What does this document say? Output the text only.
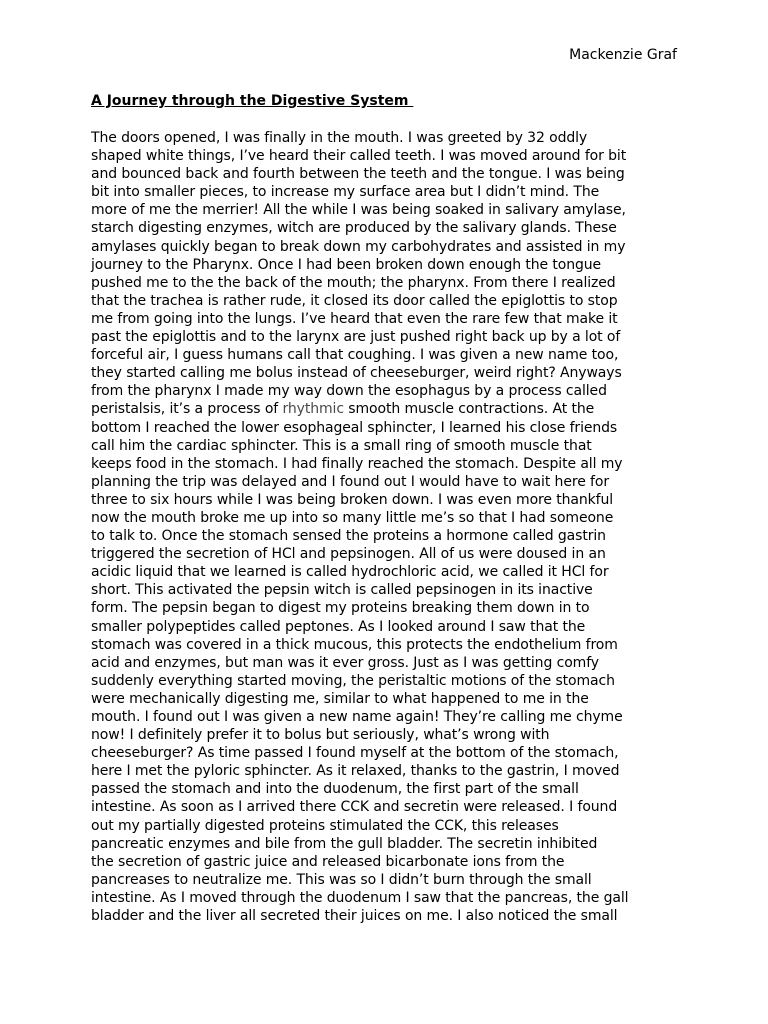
Mackenzie Graf
A Journey through the Digestive System
The doors opened, I was finally in the mouth. I was greeted by 32 oddly
shaped white things, I’ve heard their called teeth. I was moved around for bit
and bounced back and fourth between the teeth and the tongue. I was being
bit into smaller pieces, to increase my surface area but I didn’t mind. The
more of me the merrier! All the while I was being soaked in salivary amylase,
starch digesting enzymes, witch are produced by the salivary glands. These
amylases quickly began to break down my carbohydrates and assisted in my
journey to the Pharynx. Once I had been broken down enough the tongue
pushed me to the the back of the mouth; the pharynx. From there I realized
that the trachea is rather rude, it closed its door called the epiglottis to stop
me from going into the lungs. I’ve heard that even the rare few that make it
past the epiglottis and to the larynx are just pushed right back up by a lot of
forceful air, I guess humans call that coughing. I was given a new name too,
they started calling me bolus instead of cheeseburger, weird right? Anyways
from the pharynx I made my way down the esophagus by a process called
peristalsis, it’s a process of rhythmic smooth muscle contractions. At the
bottom I reached the lower esophageal sphincter, I learned his close friends
call him the cardiac sphincter. This is a small ring of smooth muscle that
keeps food in the stomach. I had finally reached the stomach. Despite all my
planning the trip was delayed and I found out I would have to wait here for
three to six hours while I was being broken down. I was even more thankful
now the mouth broke me up into so many little me’s so that I had someone
to talk to. Once the stomach sensed the proteins a hormone called gastrin
triggered the secretion of HCl and pepsinogen. All of us were doused in an
acidic liquid that we learned is called hydrochloric acid, we called it HCl for
short. This activated the pepsin witch is called pepsinogen in its inactive
form. The pepsin began to digest my proteins breaking them down in to
smaller polypeptides called peptones. As I looked around I saw that the
stomach was covered in a thick mucous, this protects the endothelium from
acid and enzymes, but man was it ever gross. Just as I was getting comfy
suddenly everything started moving, the peristaltic motions of the stomach
were mechanically digesting me, similar to what happened to me in the
mouth. I found out I was given a new name again! They’re calling me chyme
now! I definitely prefer it to bolus but seriously, what’s wrong with
cheeseburger? As time passed I found myself at the bottom of the stomach,
here I met the pyloric sphincter. As it relaxed, thanks to the gastrin, I moved
passed the stomach and into the duodenum, the first part of the small
intestine. As soon as I arrived there CCK and secretin were released. I found
out my partially digested proteins stimulated the CCK, this releases
pancreatic enzymes and bile from the gull bladder. The secretin inhibited
the secretion of gastric juice and released bicarbonate ions from the
pancreases to neutralize me. This was so I didn’t burn through the small
intestine. As I moved through the duodenum I saw that the pancreas, the gall
bladder and the liver all secreted their juices on me. I also noticed the small
